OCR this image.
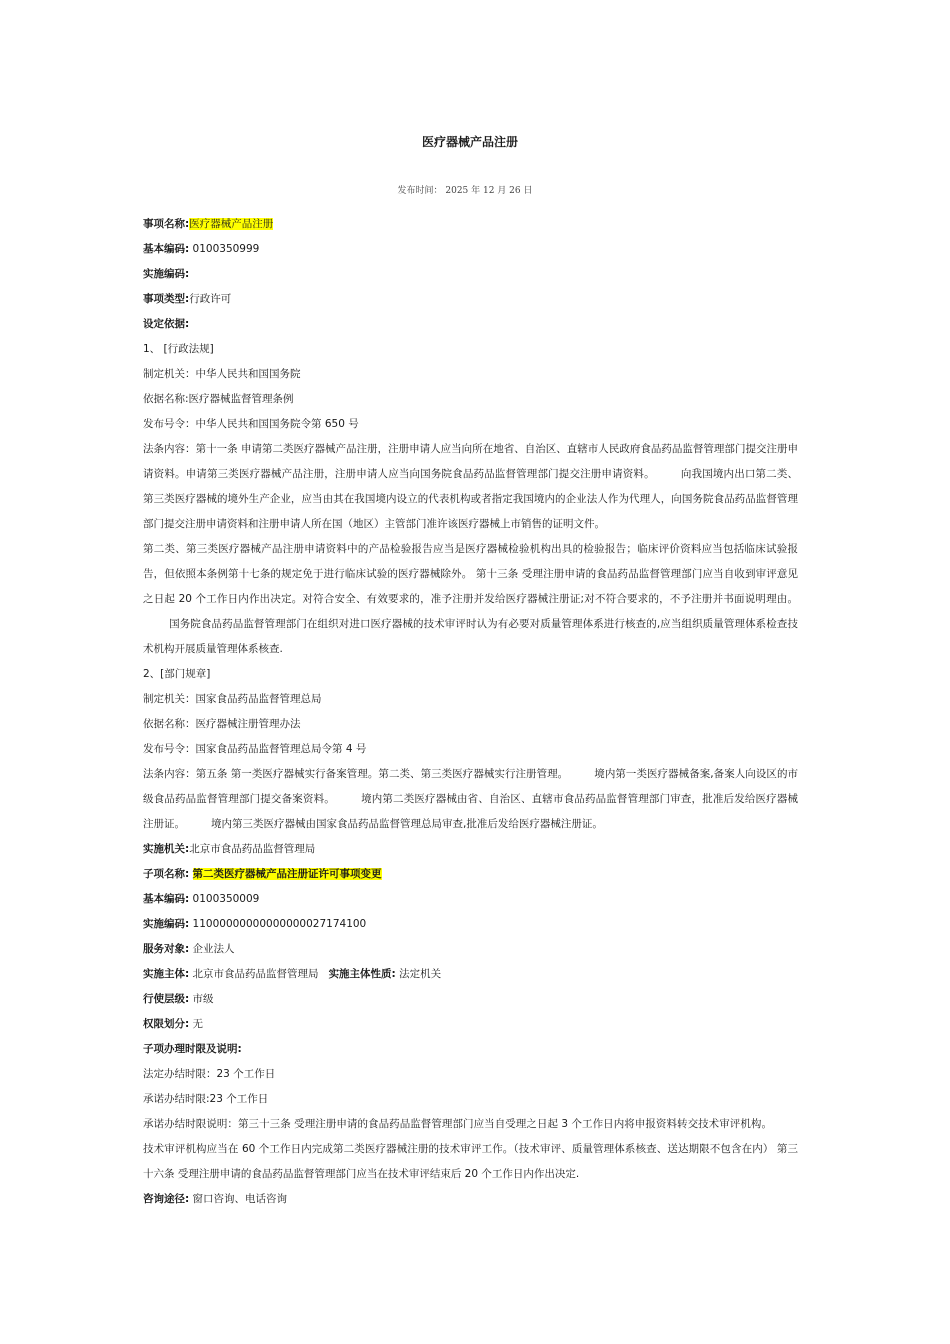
医疗器械产品注册
发布时间： 2025 年 12 月 26 日
事项名称:医疗器械产品注册
基本编码: 0100350999
实施编码:
事项类型:行政许可
设定依据:
1、 [行政法规]
制定机关：中华人民共和国国务院
依据名称:医疗器械监督管理条例
发布号令：中华人民共和国国务院令第 650 号
法条内容：第十一条 申请第二类医疗器械产品注册，注册申请人应当向所在地省、自治区、直辖市人民政府食品药品监督管理部门提交注册申请资料。申请第三类医疗器械产品注册，注册申请人应当向国务院食品药品监督管理部门提交注册申请资料。 向我国境内出口第二类、第三类医疗器械的境外生产企业，应当由其在我国境内设立的代表机构或者指定我国境内的企业法人作为代理人，向国务院食品药品监督管理部门提交注册申请资料和注册申请人所在国（地区）主管部门准许该医疗器械上市销售的证明文件。
第二类、第三类医疗器械产品注册申请资料中的产品检验报告应当是医疗器械检验机构出具的检验报告；临床评价资料应当包括临床试验报告，但依照本条例第十七条的规定免于进行临床试验的医疗器械除外。 第十三条 受理注册申请的食品药品监督管理部门应当自收到审评意见之日起 20 个工作日内作出决定。对符合安全、有效要求的，准予注册并发给医疗器械注册证;对不符合要求的，不予注册并书面说明理由。国务院食品药品监督管理部门在组织对进口医疗器械的技术审评时认为有必要对质量管理体系进行核查的,应当组织质量管理体系检查技术机构开展质量管理体系核查.
2、[部门规章]
制定机关：国家食品药品监督管理总局
依据名称：医疗器械注册管理办法
发布号令：国家食品药品监督管理总局令第 4 号
法条内容：第五条 第一类医疗器械实行备案管理。第二类、第三类医疗器械实行注册管理。 境内第一类医疗器械备案,备案人向设区的市级食品药品监督管理部门提交备案资料。 境内第二类医疗器械由省、自治区、直辖市食品药品监督管理部门审查，批准后发给医疗器械注册证。 境内第三类医疗器械由国家食品药品监督管理总局审查,批准后发给医疗器械注册证。
实施机关:北京市食品药品监督管理局
子项名称: 第二类医疗器械产品注册证许可事项变更
基本编码: 0100350009
实施编码: 11000000000000000027174100
服务对象: 企业法人
实施主体: 北京市食品药品监督管理局 实施主体性质: 法定机关
行使层级: 市级
权限划分: 无
子项办理时限及说明:
法定办结时限：23 个工作日
承诺办结时限:23 个工作日
承诺办结时限说明：第三十三条 受理注册申请的食品药品监督管理部门应当自受理之日起 3 个工作日内将申报资料转交技术审评机构。技术审评机构应当在 60 个工作日内完成第二类医疗器械注册的技术审评工作。（技术审评、质量管理体系核查、送达期限不包含在内） 第三十六条 受理注册申请的食品药品监督管理部门应当在技术审评结束后 20 个工作日内作出决定.
咨询途径: 窗口咨询、电话咨询
